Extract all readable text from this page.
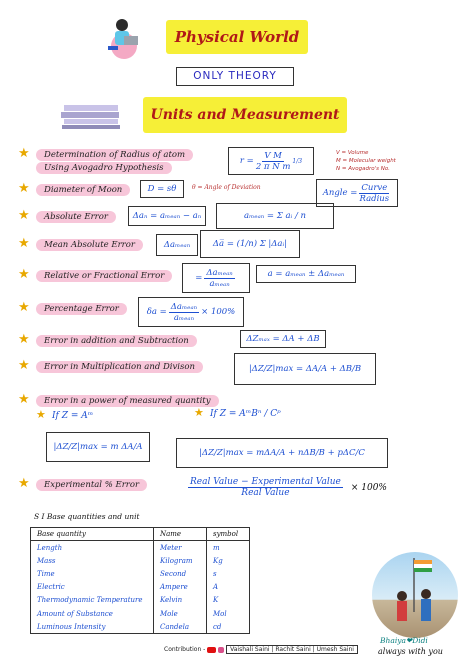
Physical World
ONLY THEORY
Units and Measurement
★	Determination of Radius of atom
Using Avogadro Hypothesis
$r = \frac{\text{V M}}{\text{2 π N m}} 1/3$
V = Volume
M = Molecular weight
N = Avogadro's No.
★	Diameter of Moon	D = sθ	θ = Angle of Deviation
Angle = $\frac{\text{Curve}}{\text{Radius}}$
★	Absolute Error	Δaₙ = aₘₑₐₙ − aₙ	aₘₑₐₙ = Σ aᵢ / n
★	Mean Absolute Error	Δaₘₑₐₙ	Δa̅ = (1/n) Σ |Δaᵢ|
★	Relative or Fractional Error	= $\frac{\text{Δaₘₑₐₙ}}{\text{aₘₑₐₙ}}$	a = aₘₑₐₙ ± Δaₘₑₐₙ
★	Percentage Error	$\delta a = \frac{\text{Δaₘₑₐₙ}}{\text{aₘₑₐₙ}} \times 100\%$
★	Error in addition and Subtraction	ΔZₘₐₓ = ΔA + ΔB
★	Error in Multiplication and Divison	|ΔZ/Z|max =
ΔA/A + ΔB/B
★	Error in a power of measured quantity
★ If Z = Aᵐ	★ If Z = AᵐBⁿ / Cᵖ
|ΔZ/Z|max = m ΔA/A
|ΔZ/Z|max = mΔA/A + nΔB/B + pΔC/C
★	Experimental % Error	$\frac{\text{Real Value − Experimental Value}}{\text{Real Value}} \times 100\%$
S I Base quantities and unit
Base quantity	Name	symbol
Length	Meter	m
Mass	Kilogram	Kg
Time	Second	s
Electric	Ampere	A
Thermodynamic Temperature	Kelvin	K
Amount of Substance	Mole	Mol
Luminous Intensity	Candela	cd
Bhaiya❤Didi
always with you
Contribution -	Vaishali Saini | Rachit Saini | Umesh Saini
